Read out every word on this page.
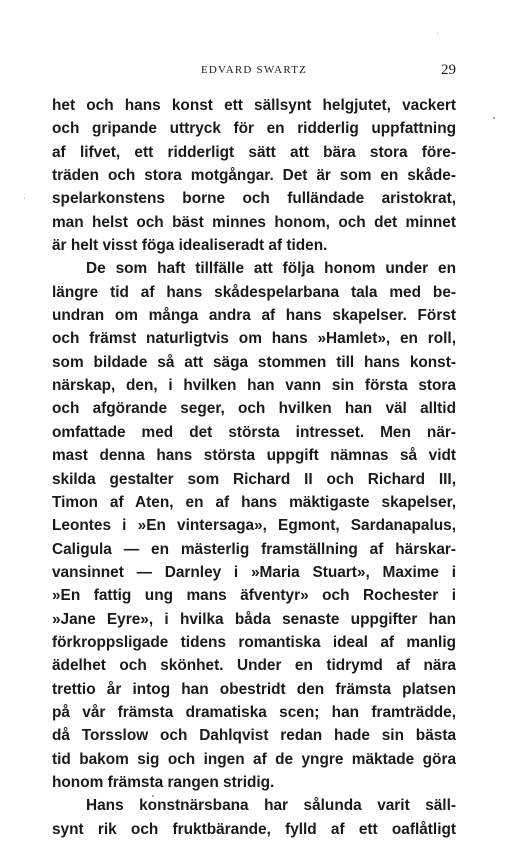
EDVARD SWARTZ	29
het och hans konst ett sällsynt helgjutet, vackert
och gripande uttryck för en ridderlig uppfattning
af lifvet, ett ridderligt sätt att bära stora före-
träden och stora motgångar. Det är som en skåde-
spelarkonstens borne och fulländade aristokrat,
man helst och bäst minnes honom, och det minnet
är helt visst föga idealiseradt af tiden.
De som haft tillfälle att följa honom under en
längre tid af hans skådespelarbana tala med be-
undran om många andra af hans skapelser. Först
och främst naturligtvis om hans »Hamlet», en roll,
som bildade så att säga stommen till hans konst-
närskap, den, i hvilken han vann sin första stora
och afgörande seger, och hvilken han väl alltid
omfattade med det största intresset. Men när-
mast denna hans största uppgift nämnas så vidt
skilda gestalter som Richard II och Richard III,
Timon af Aten, en af hans mäktigaste skapelser,
Leontes i »En vintersaga», Egmont, Sardanapalus,
Caligula — en mästerlig framställning af härskar-
vansinnet — Darnley i »Maria Stuart», Maxime i
»En fattig ung mans äfventyr» och Rochester i
»Jane Eyre», i hvilka båda senaste uppgifter han
förkroppsligade tidens romantiska ideal af manlig
ädelhet och skönhet. Under en tidrymd af nära
trettio år intog han obestridt den främsta platsen
på vår främsta dramatiska scen; han framträdde,
då Torsslow och Dahlqvist redan hade sin bästa
tid bakom sig och ingen af de yngre mäktade göra
honom främsta rangen stridig.
Hans konstnärsbana har sålunda varit säll-
synt rik och fruktbärande, fylld af ett oaflåtligt
